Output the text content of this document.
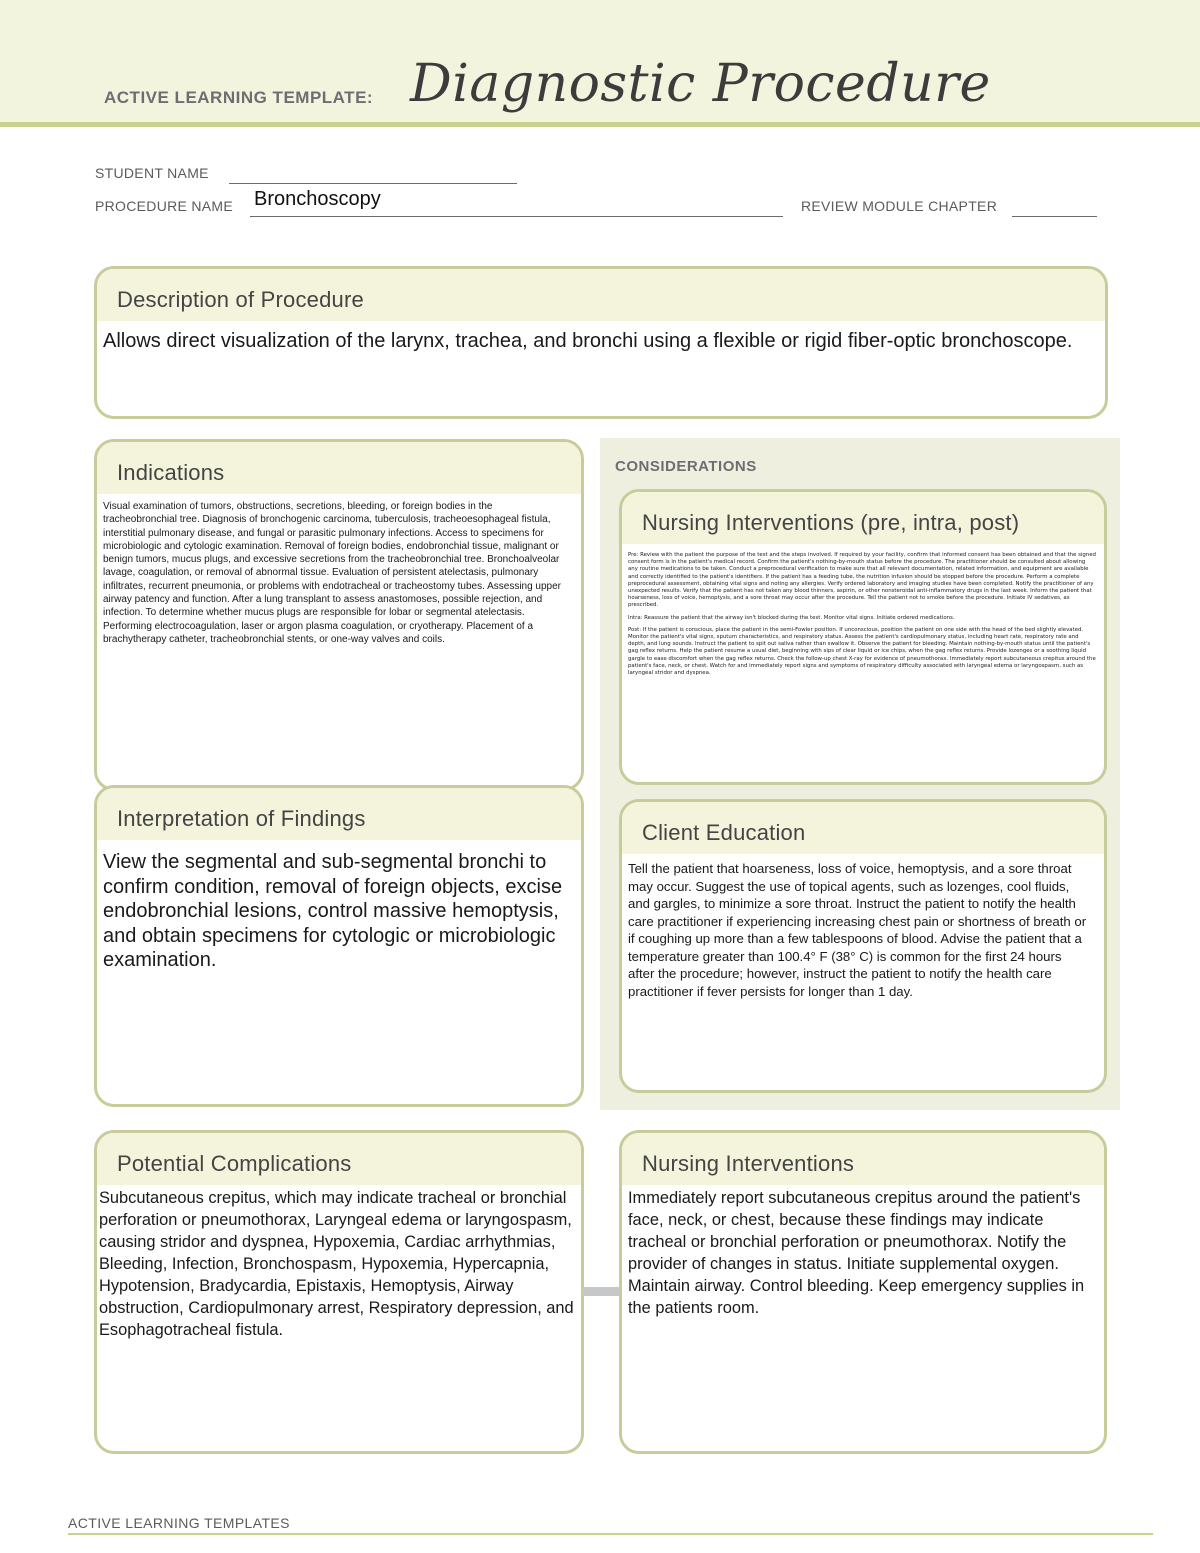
ACTIVE LEARNING TEMPLATE: Diagnostic Procedure
STUDENT NAME
PROCEDURE NAME Bronchoscopy	REVIEW MODULE CHAPTER
Description of Procedure
Allows direct visualization of the larynx, trachea, and bronchi using a flexible or rigid fiber-optic bronchoscope.
Indications
Visual examination of tumors, obstructions, secretions, bleeding, or foreign bodies in the tracheobronchial tree. Diagnosis of bronchogenic carcinoma, tuberculosis, tracheoesophageal fistula, interstitial pulmonary disease, and fungal or parasitic pulmonary infections. Access to specimens for microbiologic and cytologic examination. Removal of foreign bodies, endobronchial tissue, malignant or benign tumors, mucus plugs, and excessive secretions from the tracheobronchial tree. Bronchoalveolar lavage, coagulation, or removal of abnormal tissue. Evaluation of persistent atelectasis, pulmonary infiltrates, recurrent pneumonia, or problems with endotracheal or tracheostomy tubes. Assessing upper airway patency and function. After a lung transplant to assess anastomoses, possible rejection, and infection. To determine whether mucus plugs are responsible for lobar or segmental atelectasis. Performing electrocoagulation, laser or argon plasma coagulation, or cryotherapy. Placement of a brachytherapy catheter, tracheobronchial stents, or one-way valves and coils.
CONSIDERATIONS
Nursing Interventions (pre, intra, post)

Pre: Review with the patient the purpose of the test and the steps involved. If required by your facility, confirm that informed consent has been obtained and that the signed consent form is in the patient's medical record. Confirm the patient's nothing-by-mouth status before the procedure. The practitioner should be consulted about allowing any routine medications to be taken. Conduct a preprocedural verification to make sure that all relevant documentation, related information, and equipment are available and correctly identified to the patient's identifiers. If the patient has a feeding tube, the nutrition infusion should be stopped before the procedure. Perform a complete preprocedural assessment, obtaining vital signs and noting any allergies. Verify ordered laboratory and imaging studies have been completed. Notify the practitioner of any unexpected results. Verify that the patient has not taken any blood thinners, aspirin, or other nonsteroidal anti-inflammatory drugs in the last week. Inform the patient that hoarseness, loss of voice, hemoptysis, and a sore throat may occur after the procedure. Tell the patient not to smoke before the procedure. Initiate IV sedatives, as prescribed.

Intra: Reassure the patient that the airway isn't blocked during the test. Monitor vital signs. Initiate ordered medications.

Post: If the patient is conscious, place the patient in the semi-Fowler position. If unconscious, position the patient on one side with the head of the bed slightly elevated. Monitor the patient's vital signs, sputum characteristics, and respiratory status. Assess the patient's cardiopulmonary status, including heart rate, respiratory rate and depth, and lung sounds. Instruct the patient to spit out saliva rather than swallow it. Observe the patient for bleeding. Maintain nothing-by-mouth status until the patient's gag reflex returns. Help the patient resume a usual diet, beginning with sips of clear liquid or ice chips, when the gag reflex returns. Provide lozenges or a soothing liquid gargle to ease discomfort when the gag reflex returns. Check the follow-up chest X-ray for evidence of pneumothorax. Immediately report subcutaneous crepitus around the patient's face, neck, or chest. Watch for and immediately report signs and symptoms of respiratory difficulty associated with laryngeal edema or laryngospasm, such as laryngeal stridor and dyspnea.

Interpretation of Findings
View the segmental and sub-segmental bronchi to confirm condition, removal of foreign objects, excise endobronchial lesions, control massive hemoptysis, and obtain specimens for cytologic or microbiologic examination.
Client Education
Tell the patient that hoarseness, loss of voice, hemoptysis, and a sore throat may occur. Suggest the use of topical agents, such as lozenges, cool fluids, and gargles, to minimize a sore throat. Instruct the patient to notify the health care practitioner if experiencing increasing chest pain or shortness of breath or if coughing up more than a few tablespoons of blood. Advise the patient that a temperature greater than 100.4° F (38° C) is common for the first 24 hours after the procedure; however, instruct the patient to notify the health care practitioner if fever persists for longer than 1 day.
Potential Complications
Subcutaneous crepitus, which may indicate tracheal or bronchial perforation or pneumothorax, Laryngeal edema or laryngospasm, causing stridor and dyspnea, Hypoxemia, Cardiac arrhythmias, Bleeding, Infection, Bronchospasm, Hypoxemia, Hypercapnia, Hypotension, Bradycardia, Epistaxis, Hemoptysis, Airway obstruction, Cardiopulmonary arrest, Respiratory depression, and Esophagotracheal fistula.
Nursing Interventions
Immediately report subcutaneous crepitus around the patient's face, neck, or chest, because these findings may indicate tracheal or bronchial perforation or pneumothorax. Notify the provider of changes in status. Initiate supplemental oxygen. Maintain airway. Control bleeding. Keep emergency supplies in the patients room.
ACTIVE LEARNING TEMPLATES
